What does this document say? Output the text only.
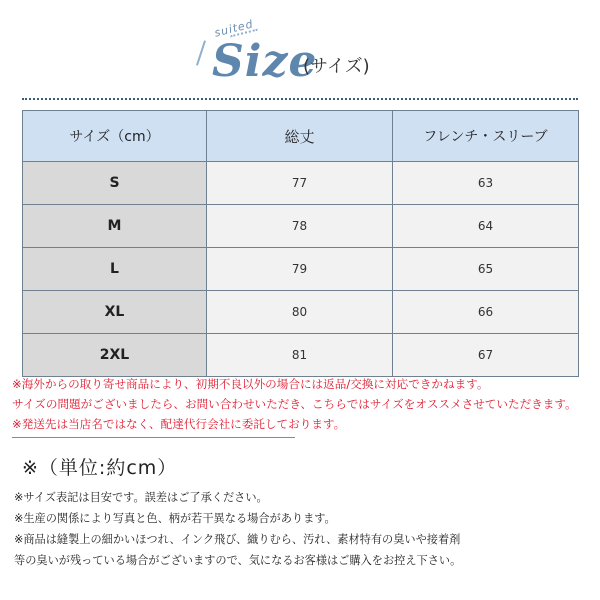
suited
Size
(サイズ)
サイズ（cm）	総丈	フレンチ・スリーブ
S	77	63
M	78	64
L	79	65
XL	80	66
2XL	81	67
※海外からの取り寄せ商品により、初期不良以外の場合には返品/交換に対応できかねます。
サイズの問題がございましたら、お問い合わせいただき、こちらではサイズをオススメさせていただきます。
※発送先は当店名ではなく、配達代行会社に委託しております。
※（単位:約cm）
※サイズ表記は目安です。誤差はご了承ください。
※生産の関係により写真と色、柄が若干異なる場合があります。
※商品は縫製上の細かいほつれ、インク飛び、織りむら、汚れ、素材特有の臭いや接着剤
等の臭いが残っている場合がございますので、気になるお客様はご購入をお控え下さい。
